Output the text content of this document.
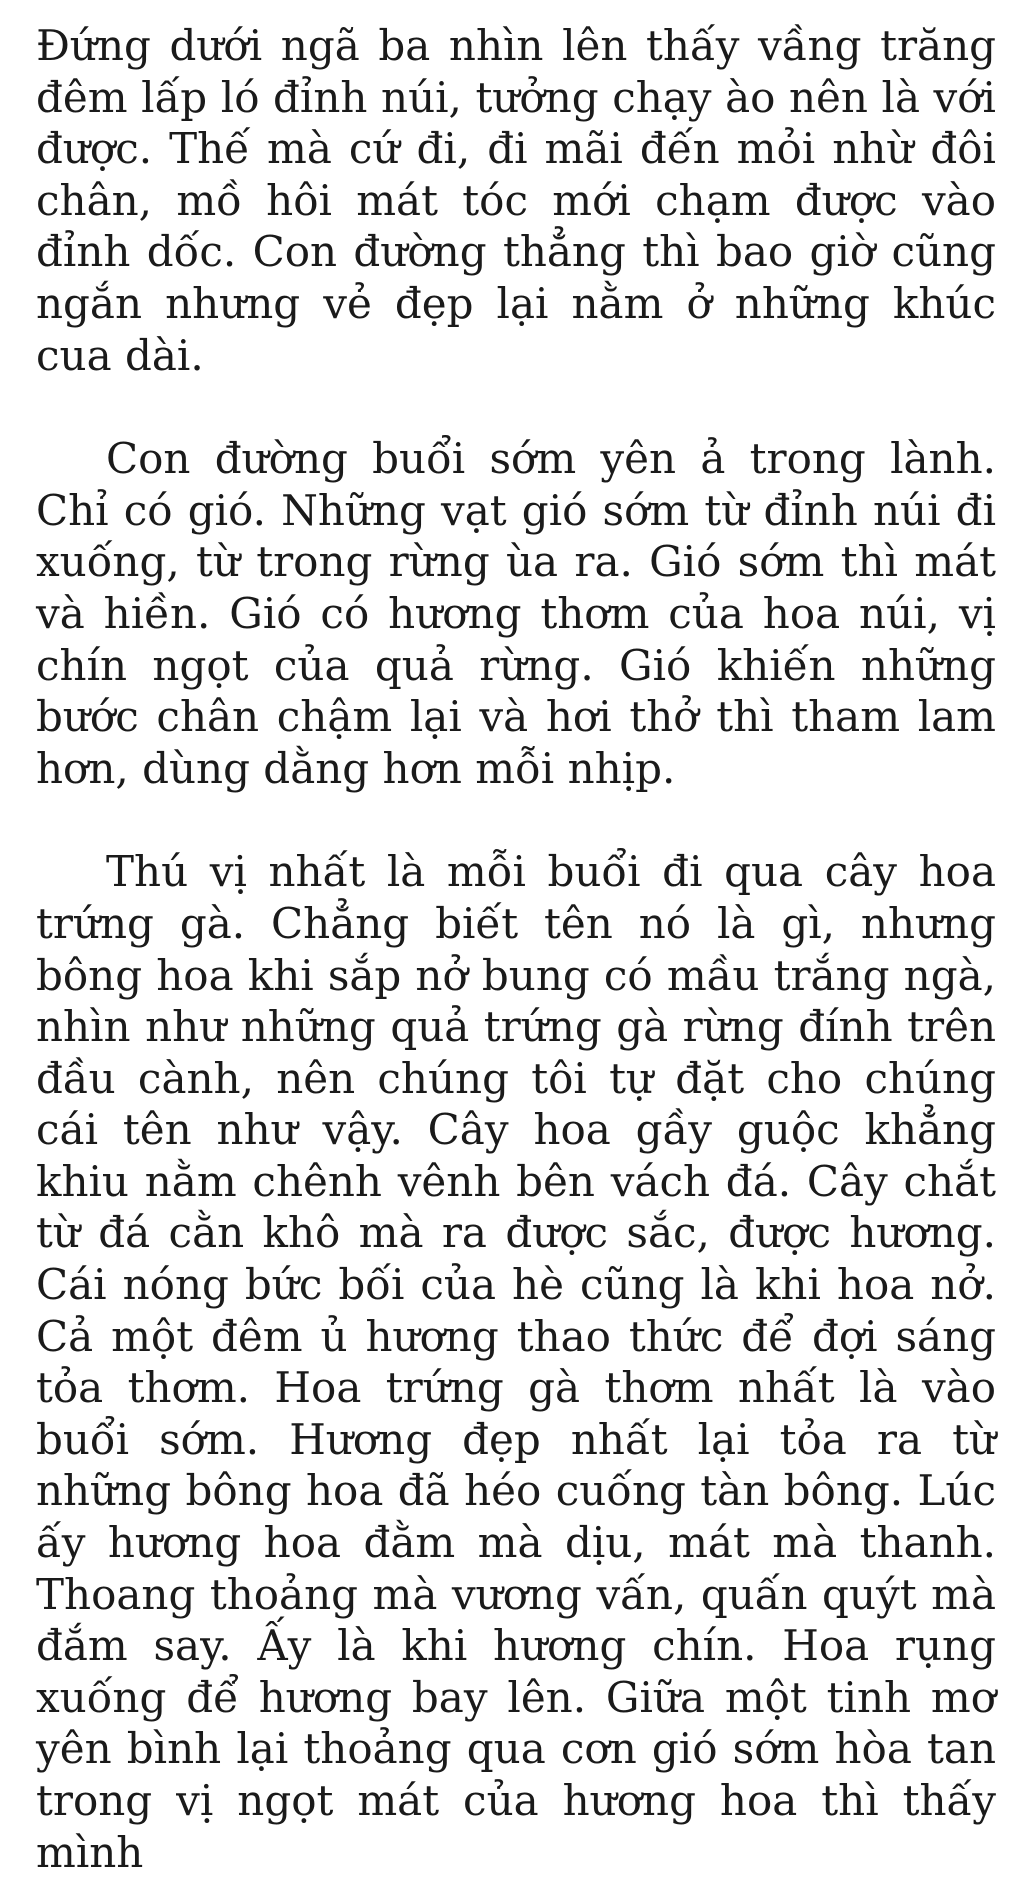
Đứng dưới ngã ba nhìn lên thấy vầng trăng đêm lấp ló đỉnh núi, tưởng chạy ào nên là với được. Thế mà cứ đi, đi mãi đến mỏi nhừ đôi chân, mồ hôi mát tóc mới chạm được vào đỉnh dốc. Con đường thẳng thì bao giờ cũng ngắn nhưng vẻ đẹp lại nằm ở những khúc cua dài.

Con đường buổi sớm yên ả trong lành. Chỉ có gió. Những vạt gió sớm từ đỉnh núi đi xuống, từ trong rừng ùa ra. Gió sớm thì mát và hiền. Gió có hương thơm của hoa núi, vị chín ngọt của quả rừng. Gió khiến những bước chân chậm lại và hơi thở thì tham lam hơn, dùng dằng hơn mỗi nhịp.

Thú vị nhất là mỗi buổi đi qua cây hoa trứng gà. Chẳng biết tên nó là gì, nhưng bông hoa khi sắp nở bung có mầu trắng ngà, nhìn như những quả trứng gà rừng đính trên đầu cành, nên chúng tôi tự đặt cho chúng cái tên như vậy. Cây hoa gầy guộc khẳng khiu nằm chênh vênh bên vách đá. Cây chắt từ đá cằn khô mà ra được sắc, được hương. Cái nóng bức bối của hè cũng là khi hoa nở. Cả một đêm ủ hương thao thức để đợi sáng tỏa thơm. Hoa trứng gà thơm nhất là vào buổi sớm. Hương đẹp nhất lại tỏa ra từ những bông hoa đã héo cuống tàn bông. Lúc ấy hương hoa đằm mà dịu, mát mà thanh. Thoang thoảng mà vương vấn, quấn quýt mà đắm say. Ấy là khi hương chín. Hoa rụng xuống để hương bay lên. Giữa một tinh mơ yên bình lại thoảng qua cơn gió sớm hòa tan trong vị ngọt mát của hương hoa thì thấy mình
